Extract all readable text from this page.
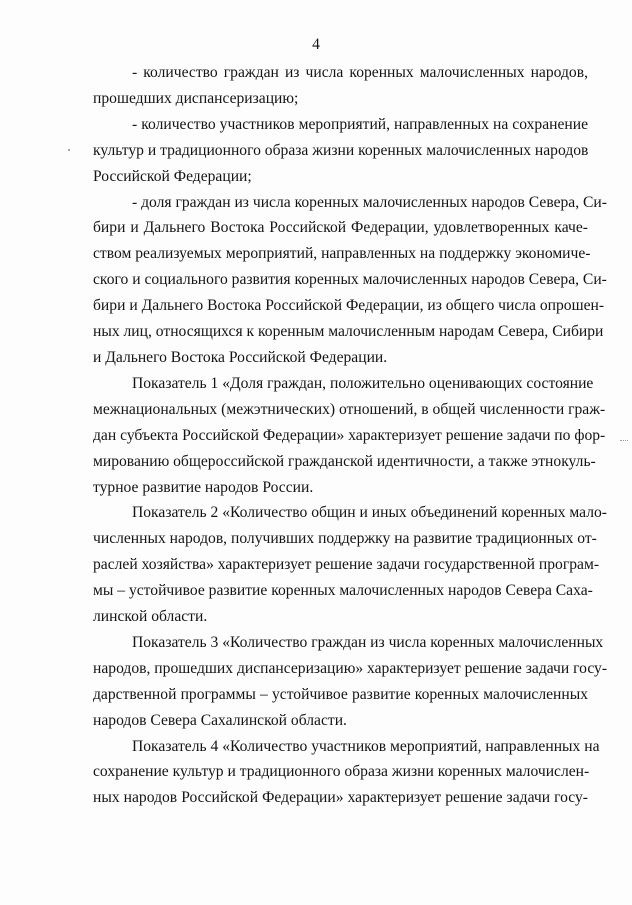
4
- количество граждан из числа коренных малочисленных народов,
прошедших диспансеризацию;
- количество участников мероприятий, направленных на сохранение
культур и традиционного образа жизни коренных малочисленных народов
Российской Федерации;
- доля граждан из числа коренных малочисленных народов Севера, Си-
бири и Дальнего Востока Российской Федерации, удовлетворенных каче-
ством реализуемых мероприятий, направленных на поддержку экономиче-
ского и социального развития коренных малочисленных народов Севера, Си-
бири и Дальнего Востока Российской Федерации, из общего числа опрошен-
ных лиц, относящихся к коренным малочисленным народам Севера, Сибири
и Дальнего Востока Российской Федерации.
Показатель 1 «Доля граждан, положительно оценивающих состояние
межнациональных (межэтнических) отношений, в общей численности граж-
дан субъекта Российской Федерации» характеризует решение задачи по фор-
мированию общероссийской гражданской идентичности, а также этнокуль-
турное развитие народов России.
Показатель 2 «Количество общин и иных объединений коренных мало-
численных народов, получивших поддержку на развитие традиционных от-
раслей хозяйства» характеризует решение задачи государственной програм-
мы – устойчивое развитие коренных малочисленных народов Севера Саха-
линской области.
Показатель 3 «Количество граждан из числа коренных малочисленных
народов, прошедших диспансеризацию» характеризует решение задачи госу-
дарственной программы – устойчивое развитие коренных малочисленных
народов Севера Сахалинской области.
Показатель 4 «Количество участников мероприятий, направленных на
сохранение культур и традиционного образа жизни коренных малочислен-
ных народов Российской Федерации» характеризует решение задачи госу-
